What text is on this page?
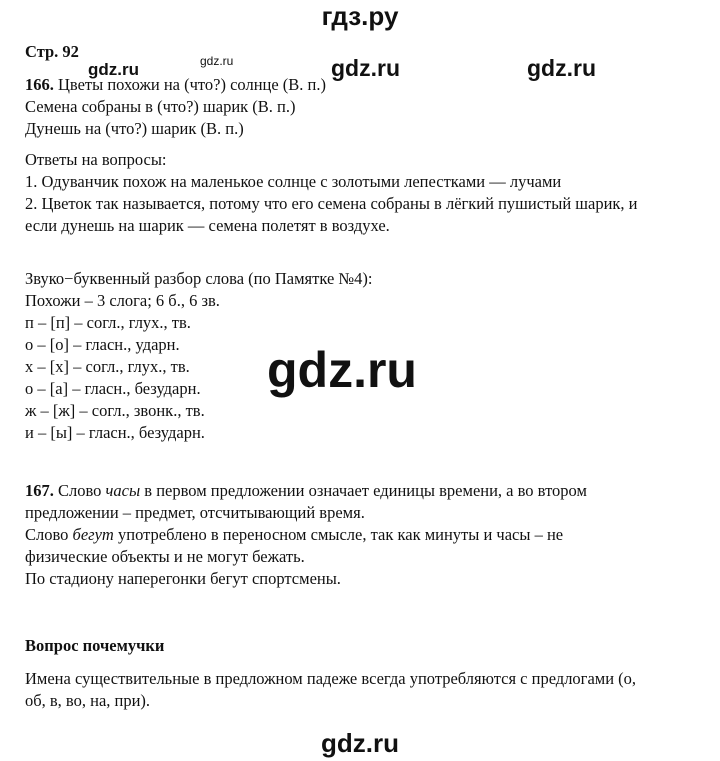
гдз.ру
gdz.ru
gdz.ru	gdz.ru	gdz.ru
gdz.ru
gdz.ru
Стр. 92
166. Цветы похожи на (что?) солнце (В. п.)
Семена собраны в (что?) шарик (В. п.)
Дунешь на (что?) шарик (В. п.)
Ответы на вопросы:
1. Одуванчик похож на маленькое солнце с золотыми лепестками — лучами
2. Цветок так называется, потому что его семена собраны в лёгкий пушистый шарик, и
если дунешь на шарик — семена полетят в воздухе.
Звуко−буквенный разбор слова (по Памятке №4):
Похожи – 3 слога; 6 б., 6 зв.
п – [п] – согл., глух., тв.
о – [о] – гласн., ударн.
х – [х] – согл., глух., тв.
о – [а] – гласн., безударн.
ж – [ж] – согл., звонк., тв.
и – [ы] – гласн., безударн.
167. Слово часы в первом предложении означает единицы времени, а во втором
предложении – предмет, отсчитывающий время.
Слово бегут употреблено в переносном смысле, так как минуты и часы – не
физические объекты и не могут бежать.
По стадиону наперегонки бегут спортсмены.
Вопрос почемучки
Имена существительные в предложном падеже всегда употребляются с предлогами (о,
об, в, во, на, при).
